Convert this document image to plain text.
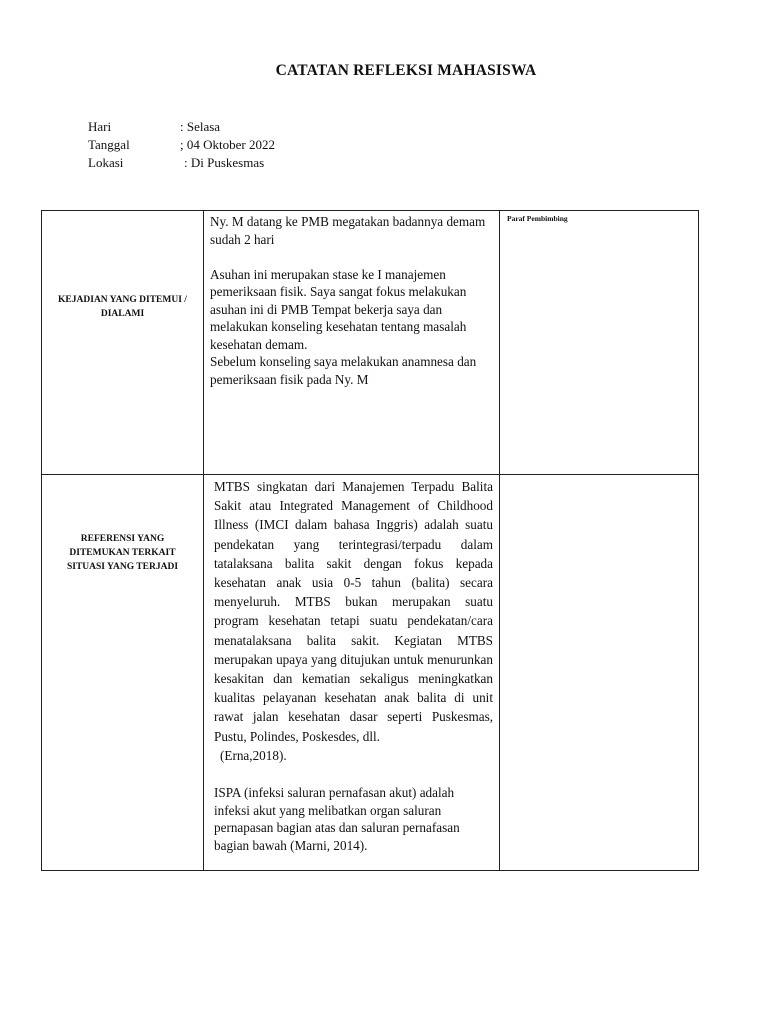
CATATAN REFLEKSI MAHASISWA
Hari	: Selasa
Tanggal	; 04 Oktober 2022
Lokasi	: Di Puskesmas
KEJADIAN YANG DITEMUI / DIALAMI	Ny. M datang ke PMB megatakan badannya demam sudah 2 hari

Asuhan ini merupakan stase ke I manajemen pemeriksaan fisik. Saya sangat fokus melakukan asuhan ini di PMB Tempat bekerja saya dan melakukan konseling kesehatan tentang masalah kesehatan demam.

Sebelum konseling saya melakukan anamnesa dan pemeriksaan fisik pada Ny. M	Paraf Pembimbing
REFERENSI YANG DITEMUKAN TERKAIT SITUASI YANG TERJADI	MTBS singkatan dari Manajemen Terpadu Balita Sakit atau Integrated Management of Childhood Illness (IMCI dalam bahasa Inggris) adalah suatu pendekatan yang terintegrasi/terpadu dalam tatalaksana balita sakit dengan fokus kepada kesehatan anak usia 0-5 tahun (balita) secara menyeluruh. MTBS bukan merupakan suatu program kesehatan tetapi suatu pendekatan/cara menatalaksana balita sakit. Kegiatan MTBS merupakan upaya yang ditujukan untuk menurunkan kesakitan dan kematian sekaligus meningkatkan kualitas pelayanan kesehatan anak balita di unit rawat jalan kesehatan dasar seperti Puskesmas, Pustu, Polindes, Poskesdes, dll.

(Erna,2018).

ISPA (infeksi saluran pernafasan akut) adalah infeksi akut yang melibatkan organ saluran pernapasan bagian atas dan saluran pernafasan bagian bawah (Marni, 2014).	
